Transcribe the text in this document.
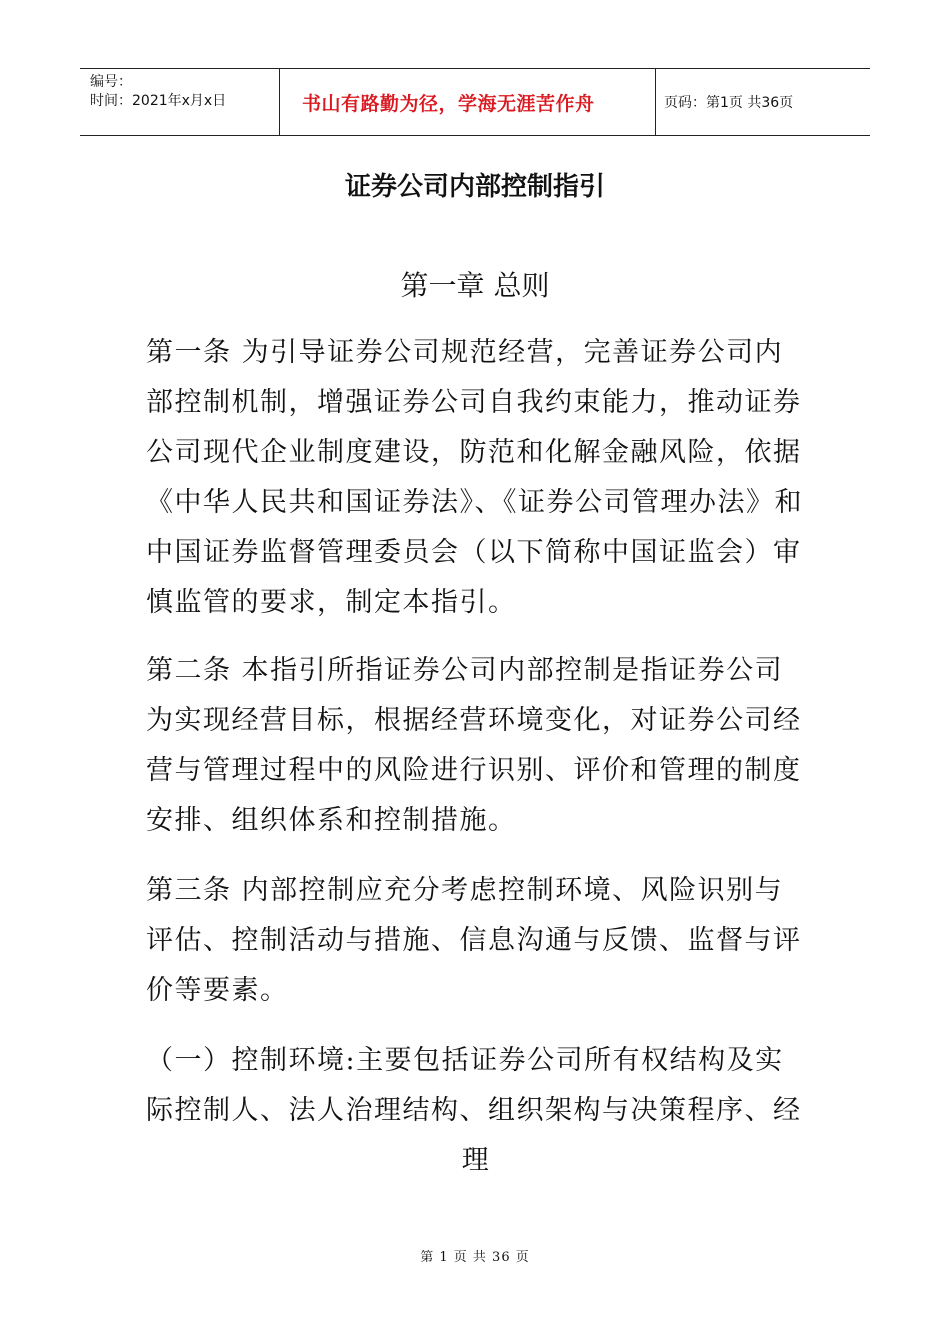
编号：
时间：2021年x月x日	书山有路勤为径，学海无涯苦作舟	页码：第1页 共36页
证券公司内部控制指引
第一章 总则

第一条 为引导证券公司规范经营，完善证券公司内部控制机制，增强证券公司自我约束能力，推动证券公司现代企业制度建设，防范和化解金融风险，依据《中华人民共和国证券法》、《证券公司管理办法》和中国证券监督管理委员会（以下简称中国证监会）审慎监管的要求，制定本指引。

第二条 本指引所指证券公司内部控制是指证券公司为实现经营目标，根据经营环境变化，对证券公司经营与管理过程中的风险进行识别、评价和管理的制度安排、组织体系和控制措施。

第三条 内部控制应充分考虑控制环境、风险识别与评估、控制活动与措施、信息沟通与反馈、监督与评价等要素。

（一）控制环境:主要包括证券公司所有权结构及实际控制人、法人治理结构、组织架构与决策程序、经
理

第 1 页 共 36 页
